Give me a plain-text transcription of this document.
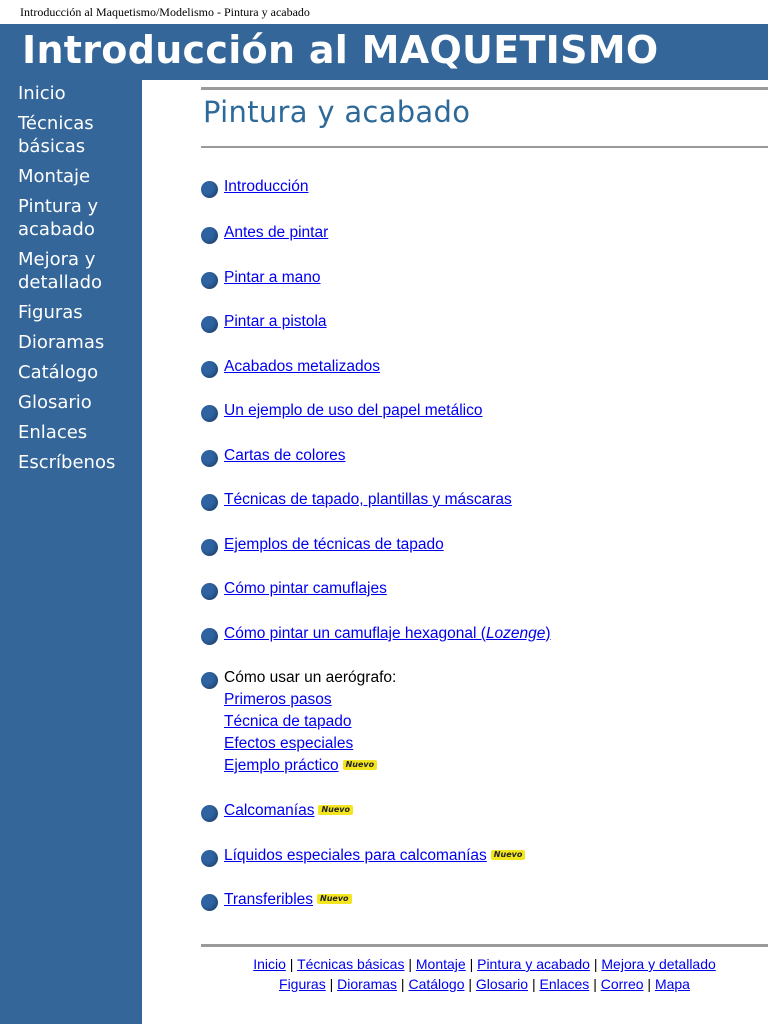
Introducción al Maquetismo/Modelismo - Pintura y acabado
Introducción al MAQUETISMO
Inicio
Técnicas básicas
Montaje
Pintura y acabado
Mejora y detallado
Figuras
Dioramas
Catálogo
Glosario
Enlaces
Escríbenos
Pintura y acabado
Introducción
Antes de pintar
Pintar a mano
Pintar a pistola
Acabados metalizados
Un ejemplo de uso del papel metálico
Cartas de colores
Técnicas de tapado, plantillas y máscaras
Ejemplos de técnicas de tapado
Cómo pintar camuflajes
Cómo pintar un camuflaje hexagonal (Lozenge)
Cómo usar un aerógrafo:
Primeros pasos
Técnica de tapado
Efectos especiales
Ejemplo práctico Nuevo
Calcomanías Nuevo
Líquidos especiales para calcomanías Nuevo
Transferibles Nuevo
Inicio | Técnicas básicas | Montaje | Pintura y acabado | Mejora y detallado
Figuras | Dioramas | Catálogo | Glosario | Enlaces | Correo | Mapa
